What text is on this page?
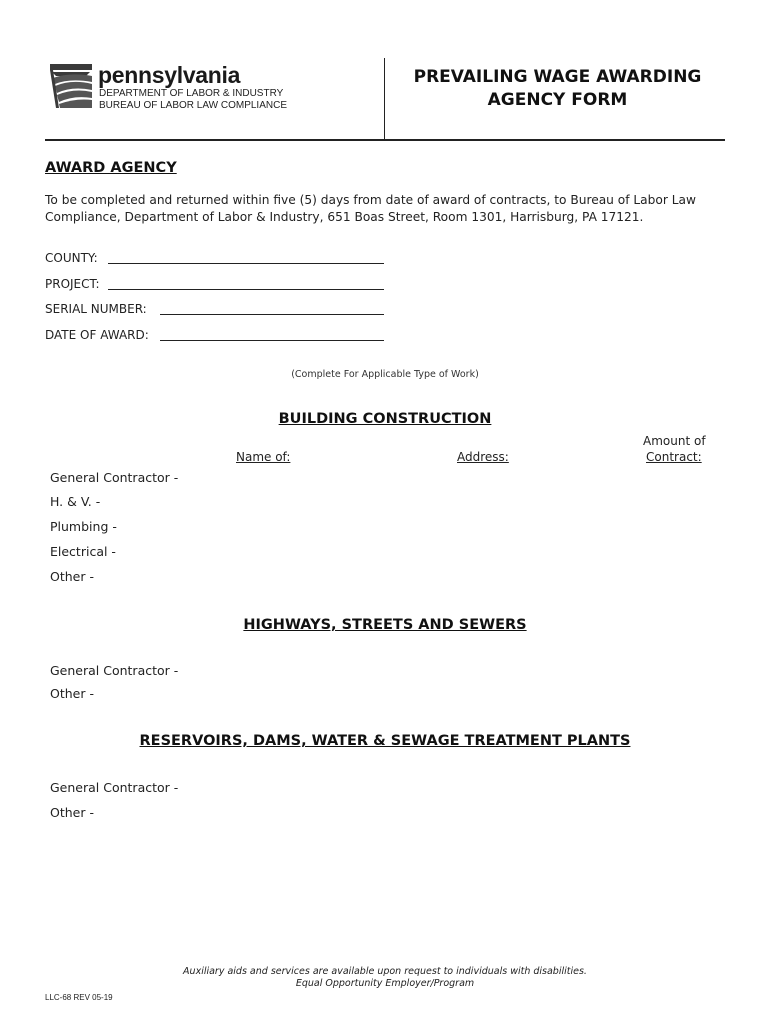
pennsylvania
DEPARTMENT OF LABOR & INDUSTRY
BUREAU OF LABOR LAW COMPLIANCE
PREVAILING WAGE AWARDING
AGENCY FORM
AWARD AGENCY
To be completed and returned within five (5) days from date of award of contracts, to Bureau of Labor Law
Compliance, Department of Labor & Industry, 651 Boas Street, Room 1301, Harrisburg, PA 17121.
COUNTY:
PROJECT:
SERIAL NUMBER:
DATE OF AWARD:
(Complete For Applicable Type of Work)
BUILDING CONSTRUCTION
Name of:	Address:
Amount of
Contract:
General Contractor -
H. & V. -
Plumbing -
Electrical -
Other -
HIGHWAYS, STREETS AND SEWERS
General Contractor -
Other -
RESERVOIRS, DAMS, WATER & SEWAGE TREATMENT PLANTS
General Contractor -
Other -
Auxiliary aids and services are available upon request to individuals with disabilities.
Equal Opportunity Employer/Program
LLC-68 REV 05-19
